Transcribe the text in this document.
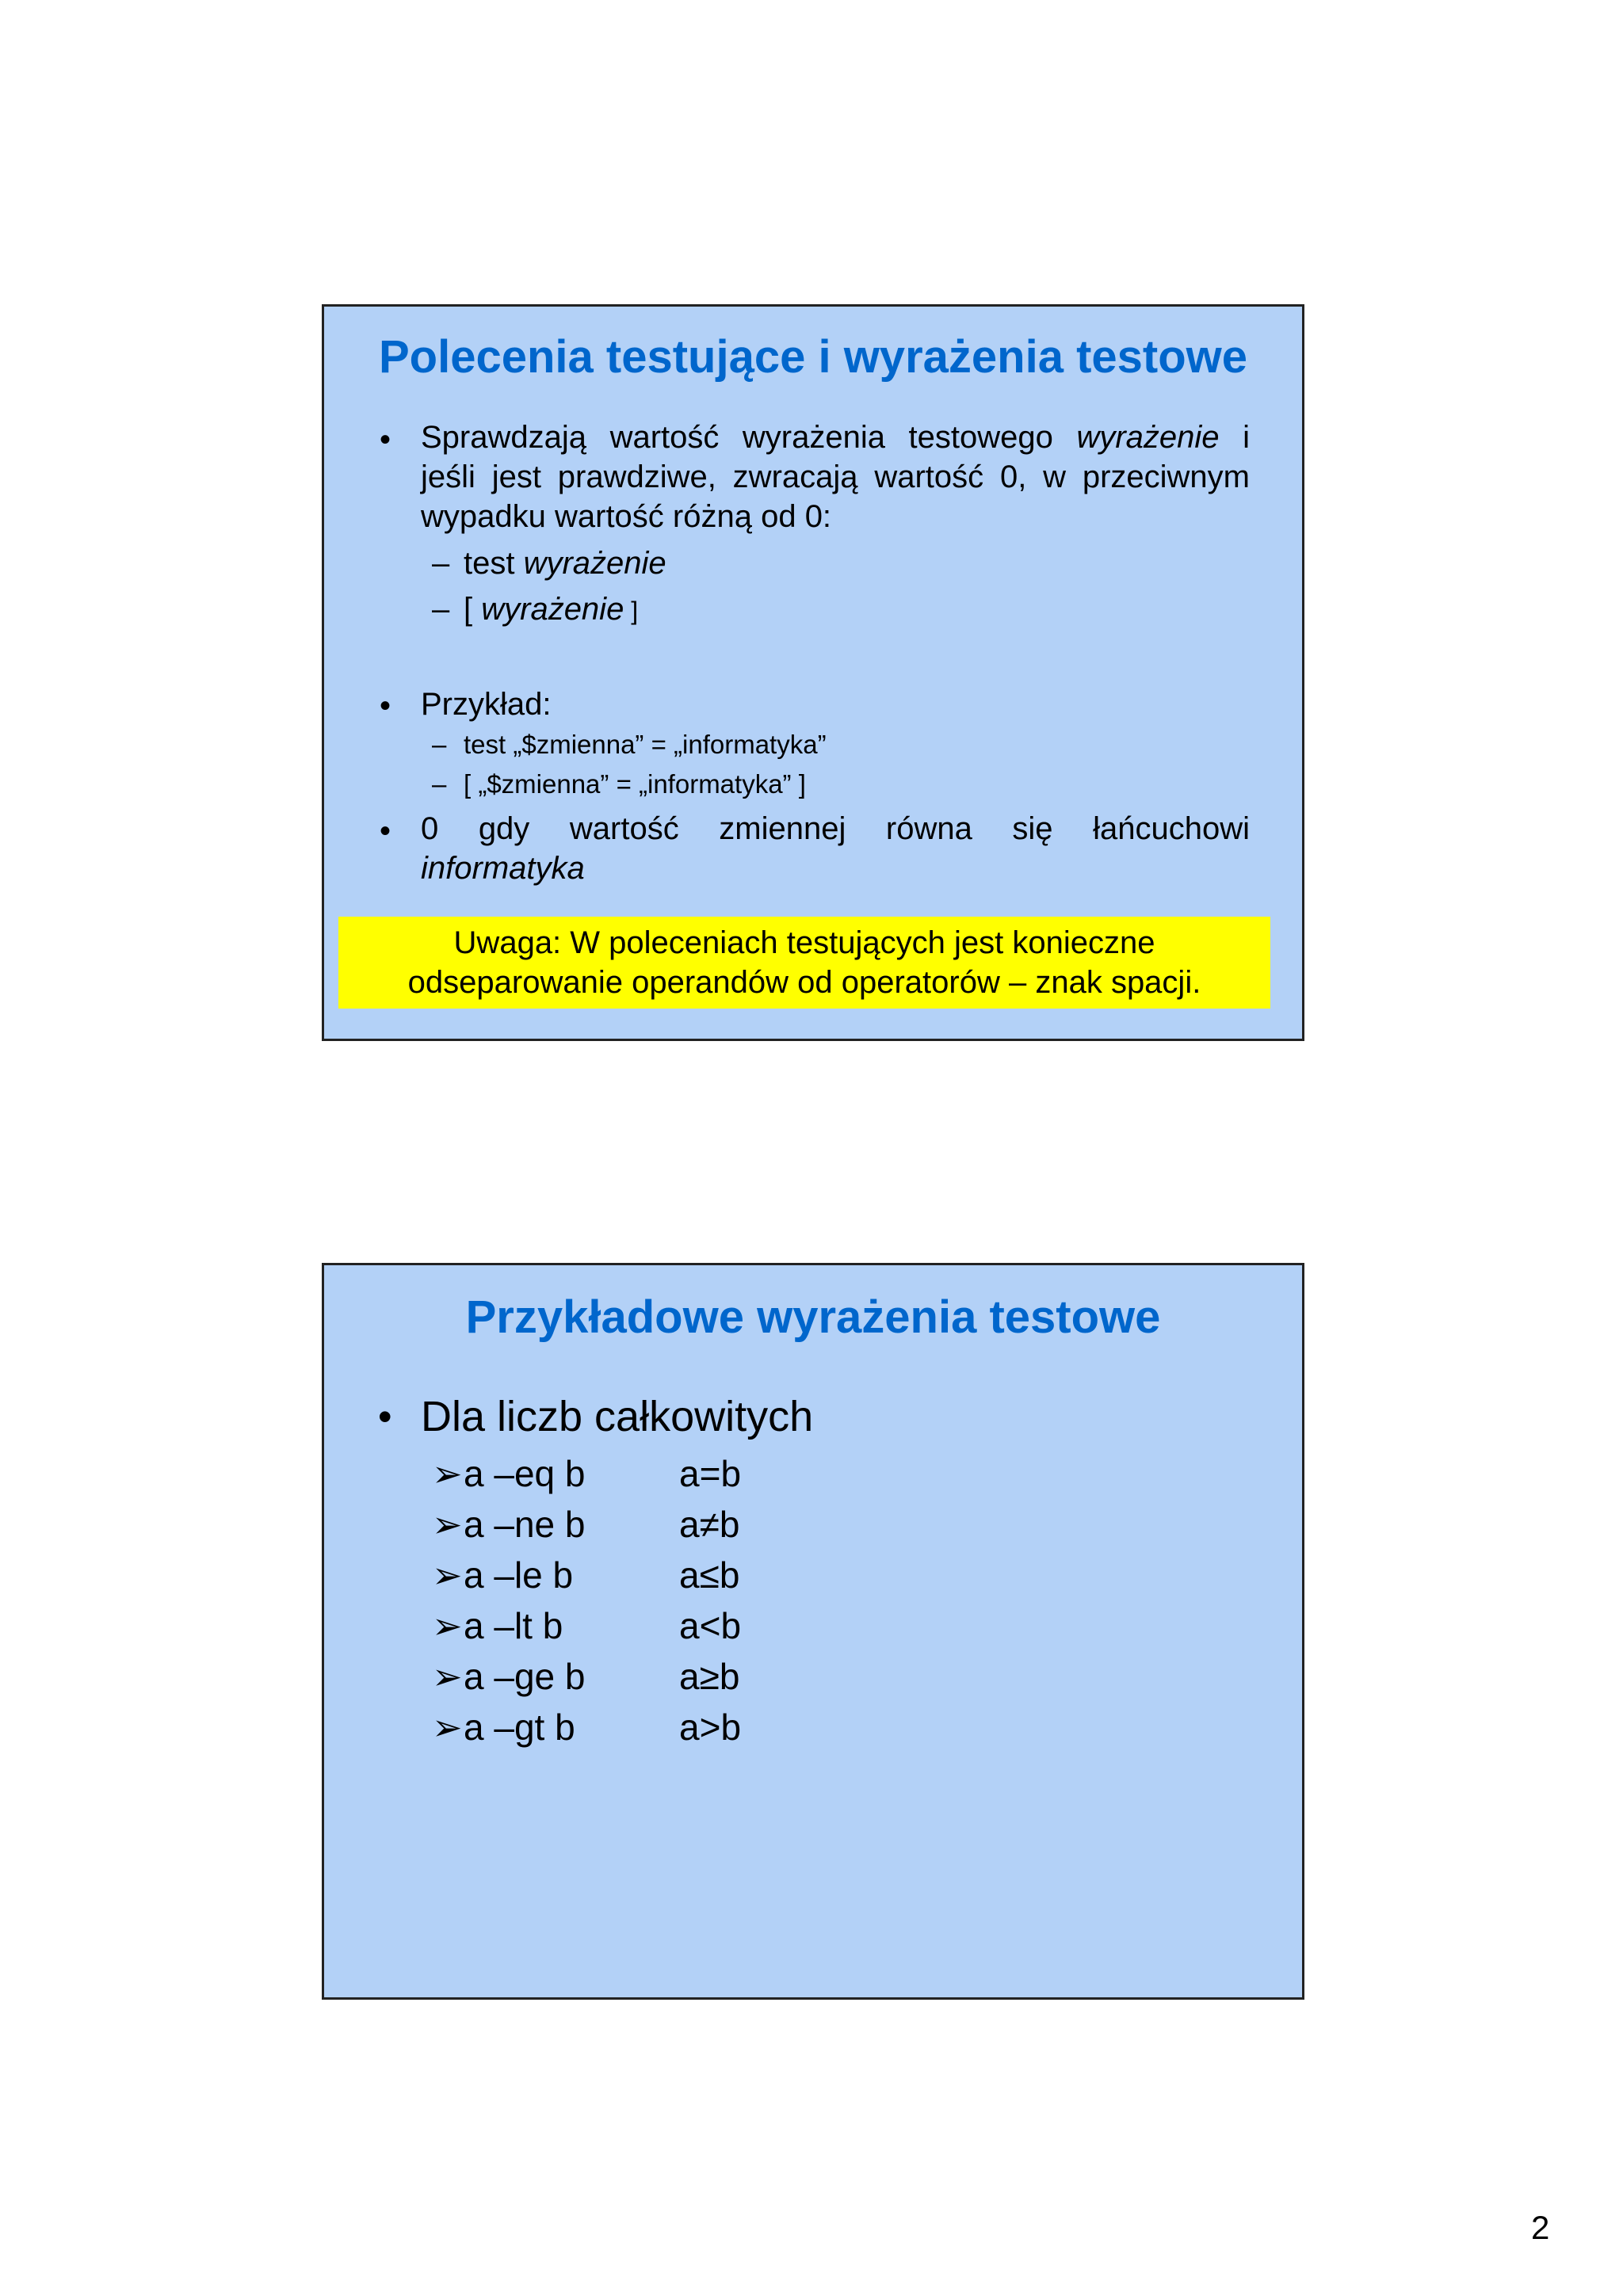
Polecenia testujące i wyrażenia testowe
• Sprawdzają wartość wyrażenia testowego wyrażenie i
jeśli jest prawdziwe, zwracają wartość 0, w przeciwnym
wypadku wartość różną od 0:
– test wyrażenie
– [ wyrażenie ]
• Przykład:
– test „$zmienna” = „informatyka”
– [ „$zmienna” = „informatyka” ]
• 0 gdy wartość zmiennej równa się łańcuchowi
informatyka
Uwaga: W poleceniach testujących jest konieczne
odseparowanie operandów od operatorów – znak spacji.
Przykładowe wyrażenia testowe
• Dla liczb całkowitych
➢a –eq b	a=b
➢a –ne b	a≠b
➢a –le b	a≤b
➢a –lt b	a<b
➢a –ge b	a≥b
➢a –gt b	a>b
2
